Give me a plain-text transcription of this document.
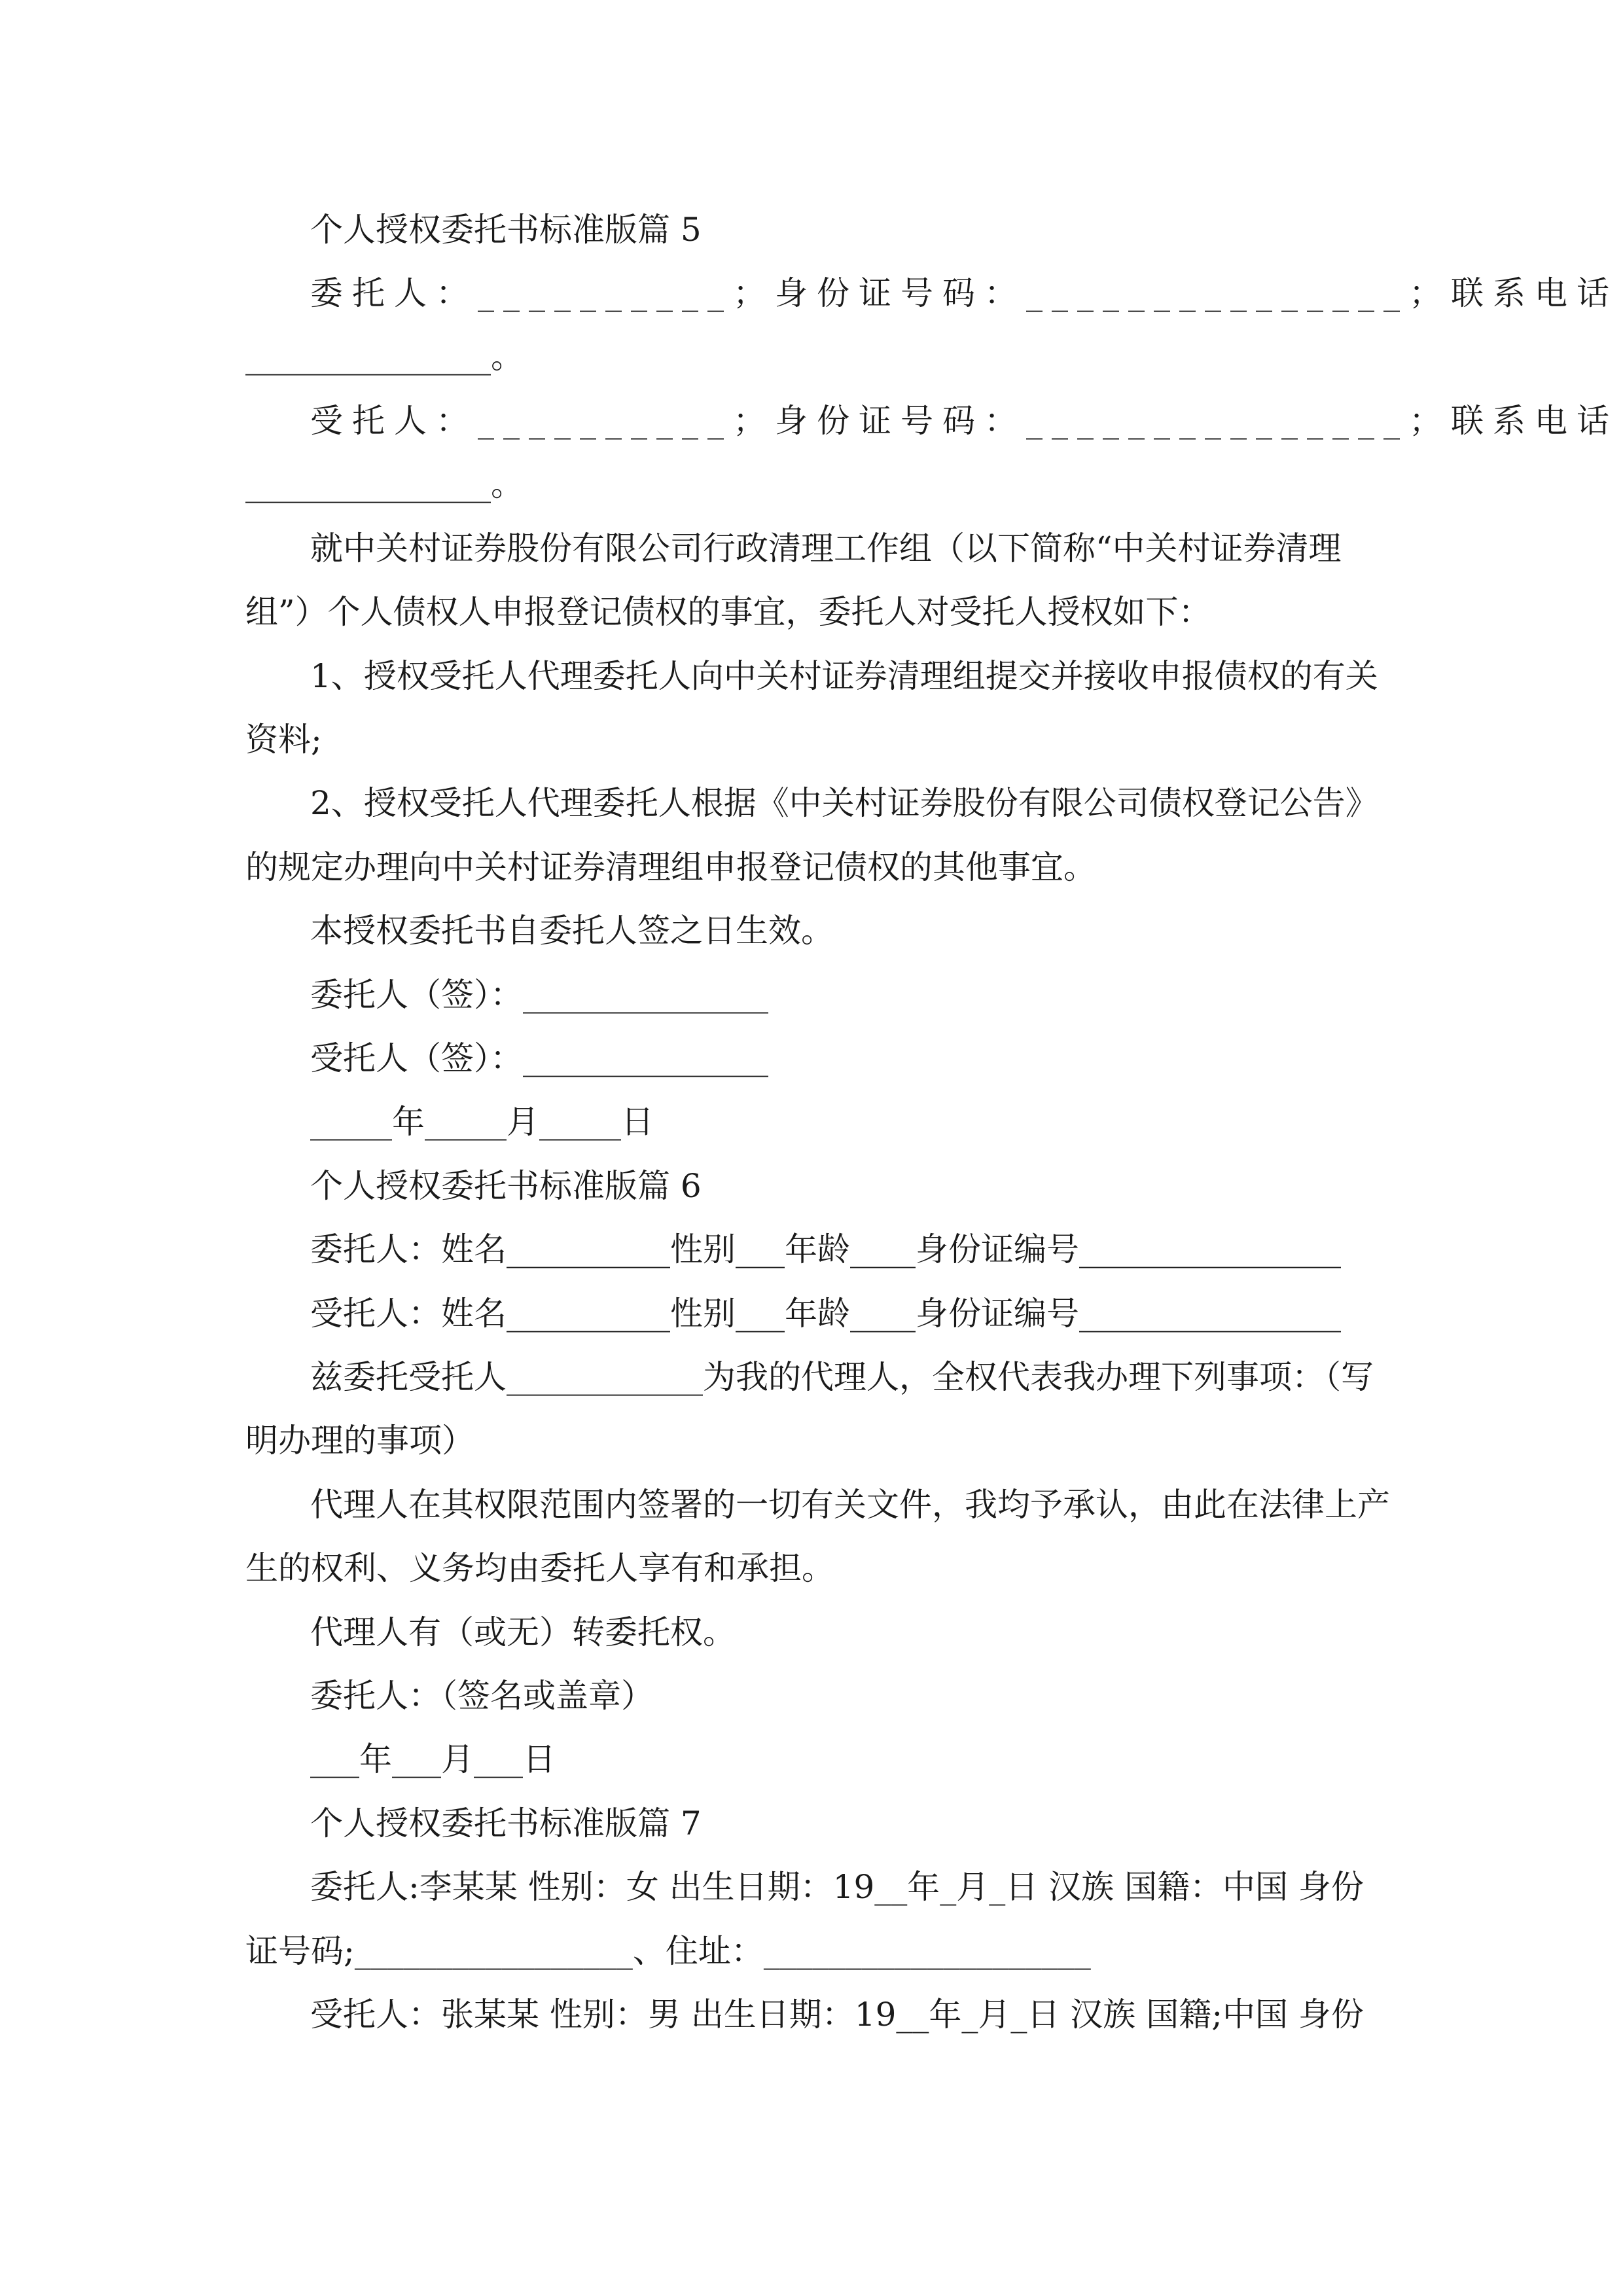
个人授权委托书标准版篇 5
委托人：__________；身份证号码：_______________；联系电话
_______________。
受托人：__________；身份证号码：_______________；联系电话
_______________。
就中关村证券股份有限公司行政清理工作组（以下简称“中关村证券清理
组”）个人债权人申报登记债权的事宜，委托人对受托人授权如下：
1、授权受托人代理委托人向中关村证券清理组提交并接收申报债权的有关
资料;
2、授权受托人代理委托人根据《中关村证券股份有限公司债权登记公告》
的规定办理向中关村证券清理组申报登记债权的其他事宜。
本授权委托书自委托人签之日生效。
委托人（签）：_______________
受托人（签）：_______________
_____年_____月_____日
个人授权委托书标准版篇 6
委托人：姓名__________性别___年龄____身份证编号________________
受托人：姓名__________性别___年龄____身份证编号________________
兹委托受托人____________为我的代理人，全权代表我办理下列事项：（写
明办理的事项）
代理人在其权限范围内签署的一切有关文件，我均予承认，由此在法律上产
生的权利、义务均由委托人享有和承担。
代理人有（或无）转委托权。
委托人：（签名或盖章）
___年___月___日
个人授权委托书标准版篇 7
委托人:李某某 性别：女 出生日期：19__年_月_日 汉族 国籍：中国 身份
证号码;_________________、住址：____________________
受托人：张某某 性别：男 出生日期：19__年_月_日 汉族 国籍;中国 身份
